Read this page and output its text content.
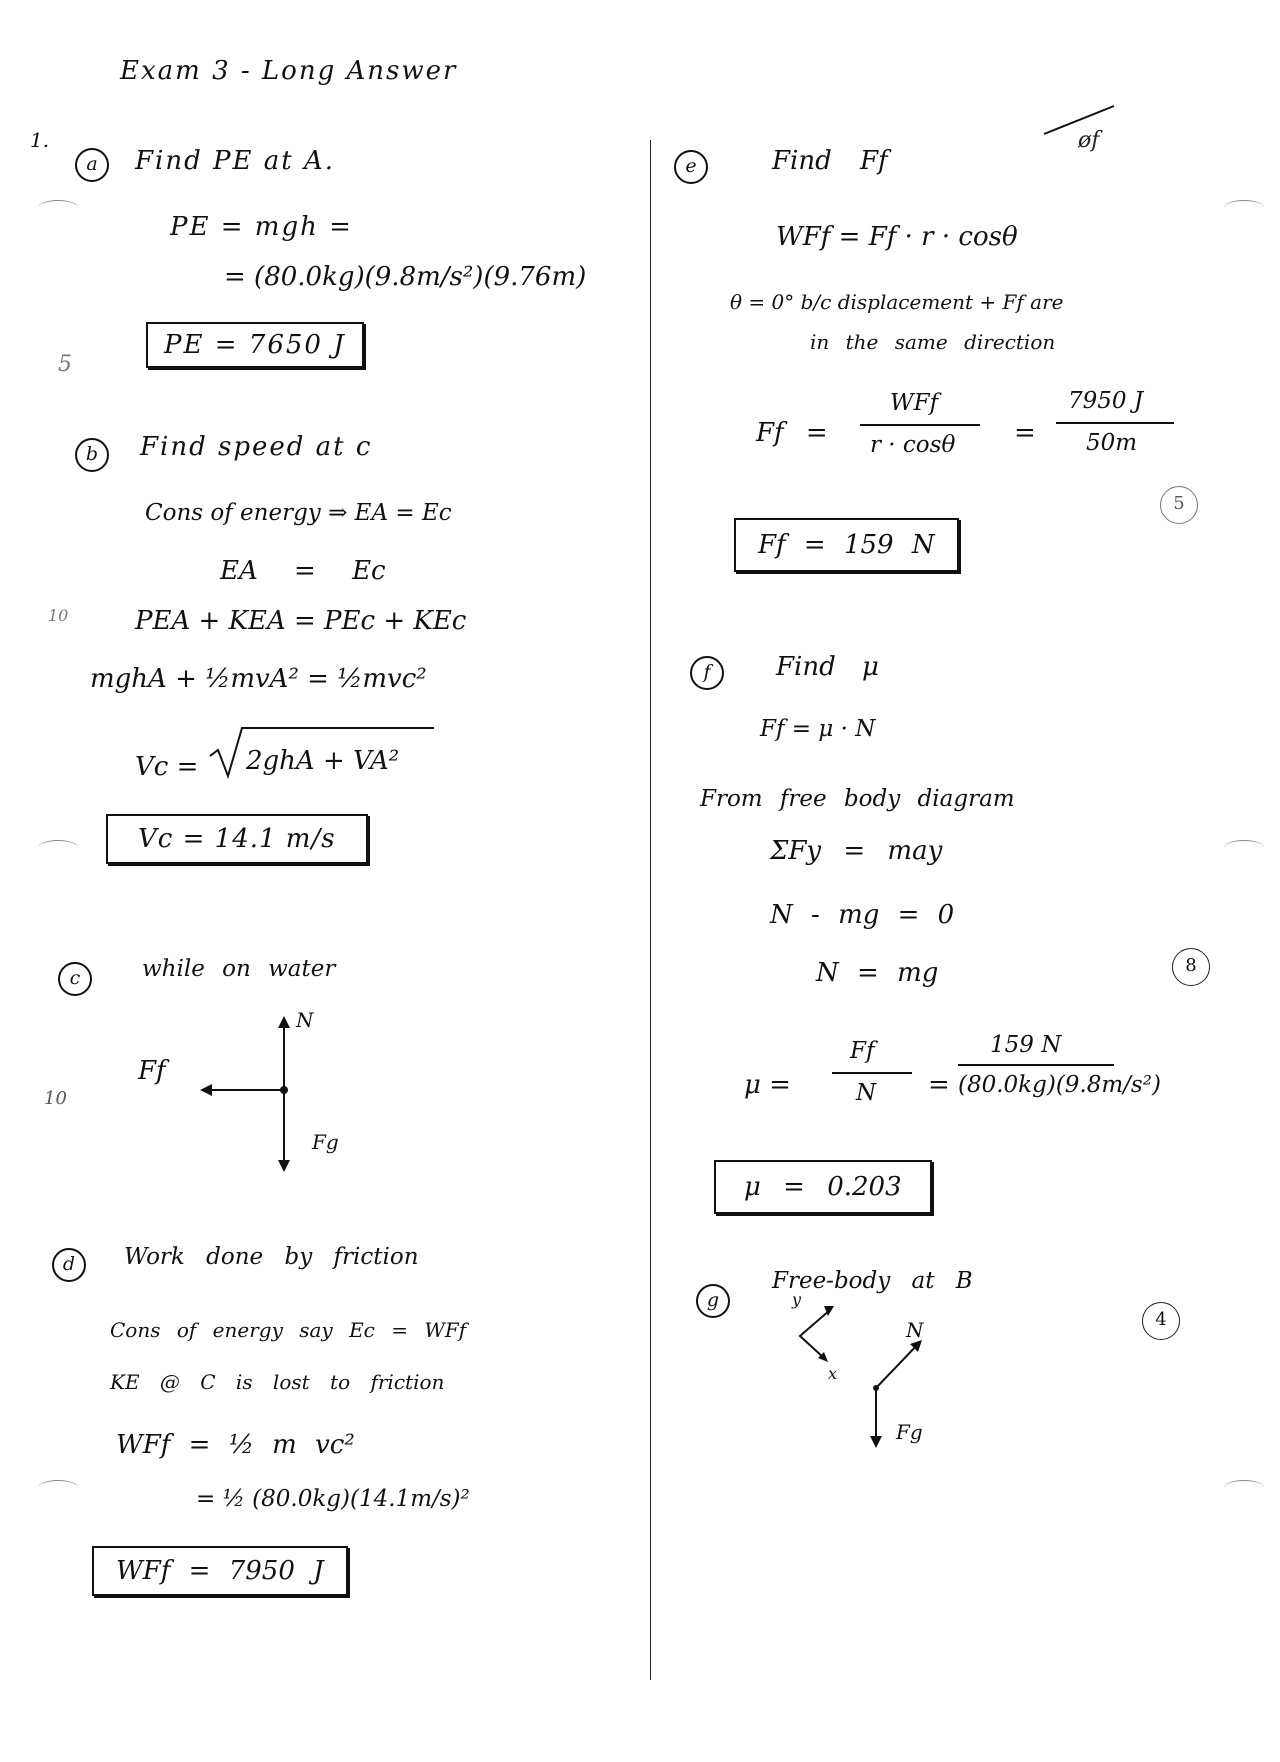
Exam 3 - Long Answer
1.	øf
a	Find PE at A.
PE = mgh =
= (80.0kg)(9.8m/s²)(9.76m)
PE = 7650 J
5
b	Find speed at c
Cons of energy ⇒ EA = Ec
EA = Ec
PEA + KEA = PEc + KEc
mghA + ½mvA² = ½mvc²
Vc = 2ghA + VA²
Vc = 14.1 m/s
10
c	while on water
N
Ff
Fg
10
d	Work done by friction
Cons of energy say Ec = WFf
KE @ C is lost to friction
WFf = ½ m vc²
= ½ (80.0kg)(14.1m/s)²
WFf = 7950 J
e	Find Ff
WFf = Ff · r · cosθ
θ = 0° b/c displacement + Ff are
in the same direction
Ff =
WFf
r · cosθ =
7950 J
50m
Ff = 159 N
5
f	Find μ
Ff = μ · N
From free body diagram
ΣFy = may
N - mg = 0
N = mg
μ =
Ff
N =
159 N
(80.0kg)(9.8m/s²)
μ = 0.203
8
g
Free-body at B
y
x
N
Fg
4
